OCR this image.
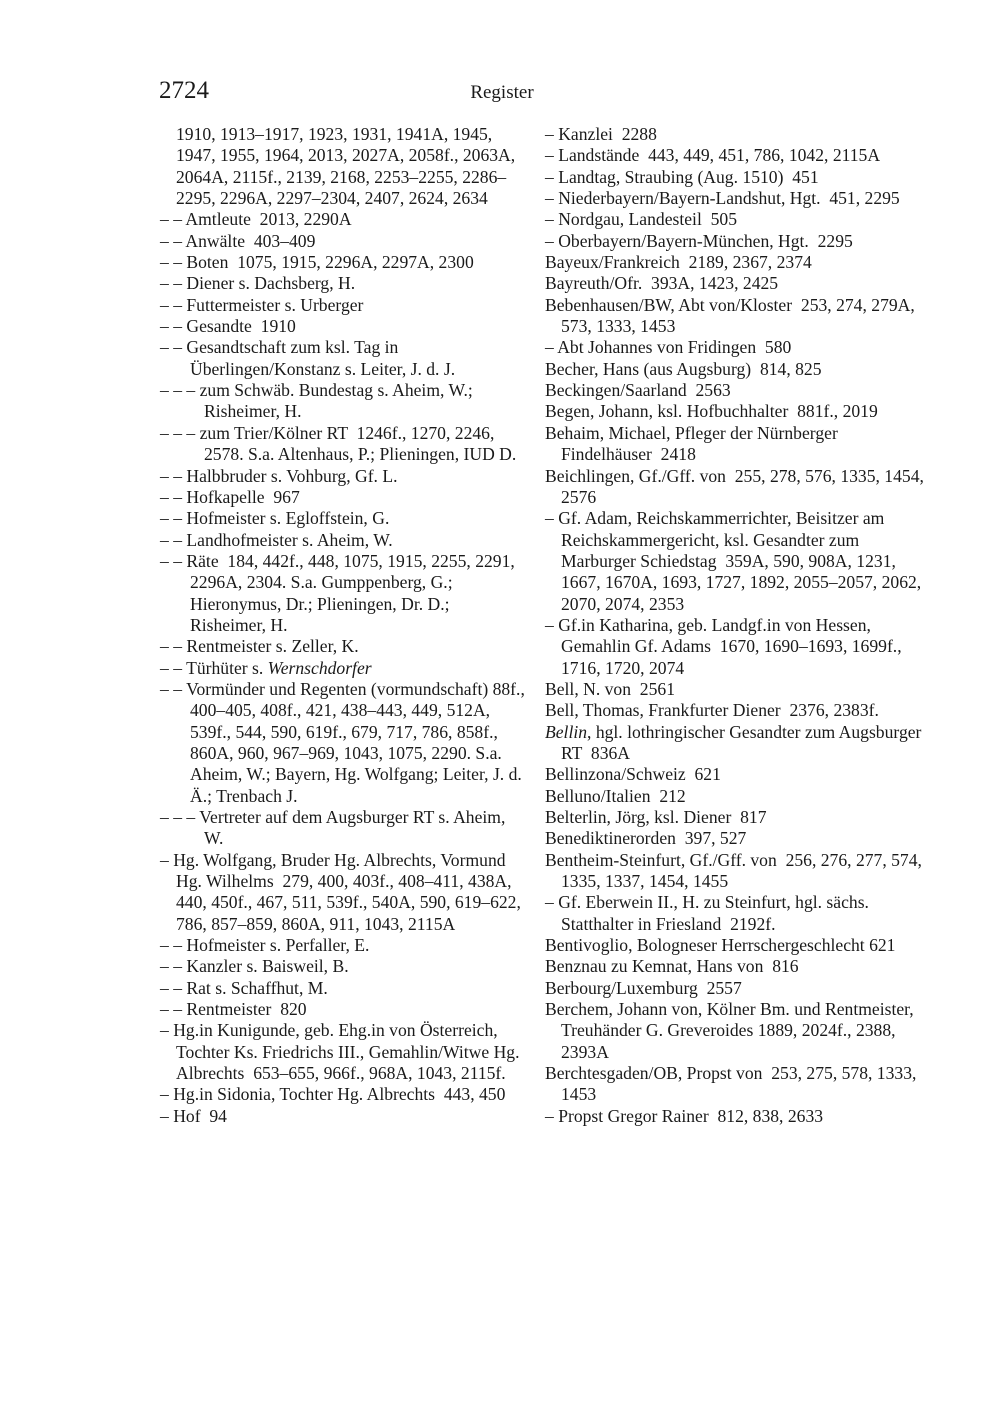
2724	Register
1910, 1913–1917, 1923, 1931, 1941A, 1945, 1947, 1955, 1964, 2013, 2027A, 2058f., 2063A, 2064A, 2115f., 2139, 2168, 2253–2255, 2286–2295, 2296A, 2297–2304, 2407, 2624, 2634
– – Amtleute  2013, 2290A
– – Anwälte  403–409
– – Boten  1075, 1915, 2296A, 2297A, 2300
– – Diener s. Dachsberg, H.
– – Futtermeister s. Urberger
– – Gesandte  1910
– – Gesandtschaft zum ksl. Tag in Überlingen/Konstanz s. Leiter, J. d. J.
– – – zum Schwäb. Bundestag s. Aheim, W.; Risheimer, H.
– – – zum Trier/Kölner RT  1246f., 1270, 2246, 2578. S.a. Altenhaus, P.; Plieningen, IUD D.
– – Halbbruder s. Vohburg, Gf. L.
– – Hofkapelle  967
– – Hofmeister s. Egloffstein, G.
– – Landhofmeister s. Aheim, W.
– – Räte  184, 442f., 448, 1075, 1915, 2255, 2291, 2296A, 2304. S.a. Gumppenberg, G.; Hieronymus, Dr.; Plieningen, Dr. D.; Risheimer, H.
– – Rentmeister s. Zeller, K.
– – Türhüter s. Wernschdorfer
– – Vormünder und Regenten (vormundschaft) 88f.,  400–405, 408f., 421, 438–443, 449, 512A, 539f., 544, 590, 619f., 679, 717, 786, 858f., 860A, 960, 967–969, 1043, 1075, 2290. S.a. Aheim, W.; Bayern, Hg. Wolfgang; Leiter, J. d. Ä.; Trenbach J.
– – – Vertreter auf dem Augsburger RT s. Aheim, W.
– Hg. Wolfgang, Bruder Hg. Albrechts, Vormund Hg. Wilhelms  279, 400, 403f., 408–411, 438A, 440, 450f., 467, 511, 539f., 540A, 590, 619–622, 786, 857–859, 860A, 911, 1043, 2115A
– – Hofmeister s. Perfaller, E.
– – Kanzler s. Baisweil, B.
– – Rat s. Schaffhut, M.
– – Rentmeister  820
– Hg.in Kunigunde, geb. Ehg.in von Österreich, Tochter Ks. Friedrichs III., Gemahlin/Witwe Hg. Albrechts  653–655, 966f., 968A, 1043, 2115f.
– Hg.in Sidonia, Tochter Hg. Albrechts  443, 450
– Hof  94
– Kanzlei  2288
– Landstände  443, 449, 451, 786, 1042, 2115A
– Landtag, Straubing (Aug. 1510)  451
– Niederbayern/Bayern-Landshut, Hgt.  451, 2295
– Nordgau, Landesteil  505
– Oberbayern/Bayern-München, Hgt.  2295
Bayeux/Frankreich  2189, 2367, 2374
Bayreuth/Ofr.  393A, 1423, 2425
Bebenhausen/BW, Abt von/Kloster  253, 274, 279A, 573, 1333, 1453
– Abt Johannes von Fridingen  580
Becher, Hans (aus Augsburg)  814, 825
Beckingen/Saarland  2563
Begen, Johann, ksl. Hofbuchhalter  881f., 2019
Behaim, Michael, Pfleger der Nürnberger Findelhäuser  2418
Beichlingen, Gf./Gff. von  255, 278, 576, 1335, 1454, 2576
– Gf. Adam, Reichskammerrichter, Beisitzer am Reichskammergericht, ksl. Gesandter zum Marburger Schiedstag  359A, 590, 908A, 1231, 1667, 1670A, 1693, 1727, 1892, 2055–2057, 2062, 2070, 2074, 2353
– Gf.in Katharina, geb. Landgf.in von Hessen, Gemahlin Gf. Adams  1670, 1690–1693, 1699f., 1716, 1720, 2074
Bell, N. von  2561
Bell, Thomas, Frankfurter Diener  2376, 2383f.
Bellin, hgl. lothringischer Gesandter zum Augsburger RT  836A
Bellinzona/Schweiz  621
Belluno/Italien  212
Belterlin, Jörg, ksl. Diener  817
Benediktinerorden  397, 527
Bentheim-Steinfurt, Gf./Gff. von  256, 276, 277, 574, 1335, 1337, 1454, 1455
– Gf. Eberwein II., H. zu Steinfurt, hgl. sächs. Statthalter in Friesland  2192f.
Bentivoglio, Bologneser Herrschergeschlecht 621
Benznau zu Kemnat, Hans von  816
Berbourg/Luxemburg  2557
Berchem, Johann von, Kölner Bm. und Rentmeister, Treuhänder G. Greveroides 1889, 2024f., 2388, 2393A
Berchtesgaden/OB, Propst von  253, 275, 578, 1333, 1453
– Propst Gregor Rainer  812, 838, 2633
